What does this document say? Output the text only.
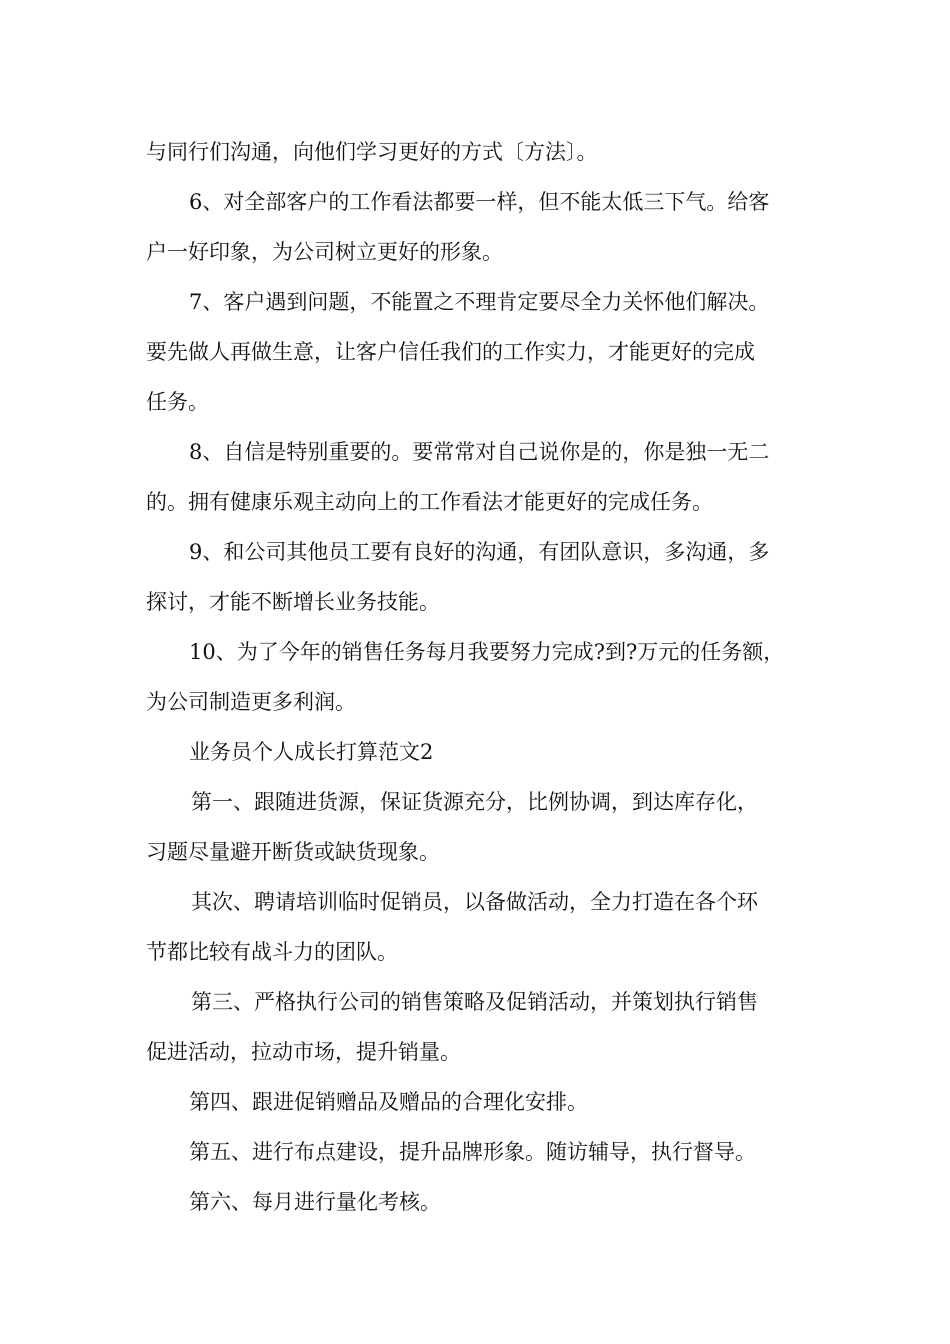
与同行们沟通，向他们学习更好的方式〔方法〕。

6、对全部客户的工作看法都要一样，但不能太低三下气。给客

户一好印象，为公司树立更好的形象。

7、客户遇到问题，不能置之不理肯定要尽全力关怀他们解决。

要先做人再做生意，让客户信任我们的工作实力，才能更好的完成

任务。

8、自信是特别重要的。要常常对自己说你是的，你是独一无二

的。拥有健康乐观主动向上的工作看法才能更好的完成任务。

9、和公司其他员工要有良好的沟通，有团队意识，多沟通，多

探讨，才能不断增长业务技能。

10、为了今年的销售任务每月我要努力完成?到?万元的任务额，

为公司制造更多利润。

业务员个人成长打算范文2

第一、跟随进货源，保证货源充分，比例协调，到达库存化，

习题尽量避开断货或缺货现象。

其次、聘请培训临时促销员，以备做活动，全力打造在各个环

节都比较有战斗力的团队。

第三、严格执行公司的销售策略及促销活动，并策划执行销售

促进活动，拉动市场，提升销量。

第四、跟进促销赠品及赠品的合理化安排。

第五、进行布点建设，提升品牌形象。随访辅导，执行督导。

第六、每月进行量化考核。
